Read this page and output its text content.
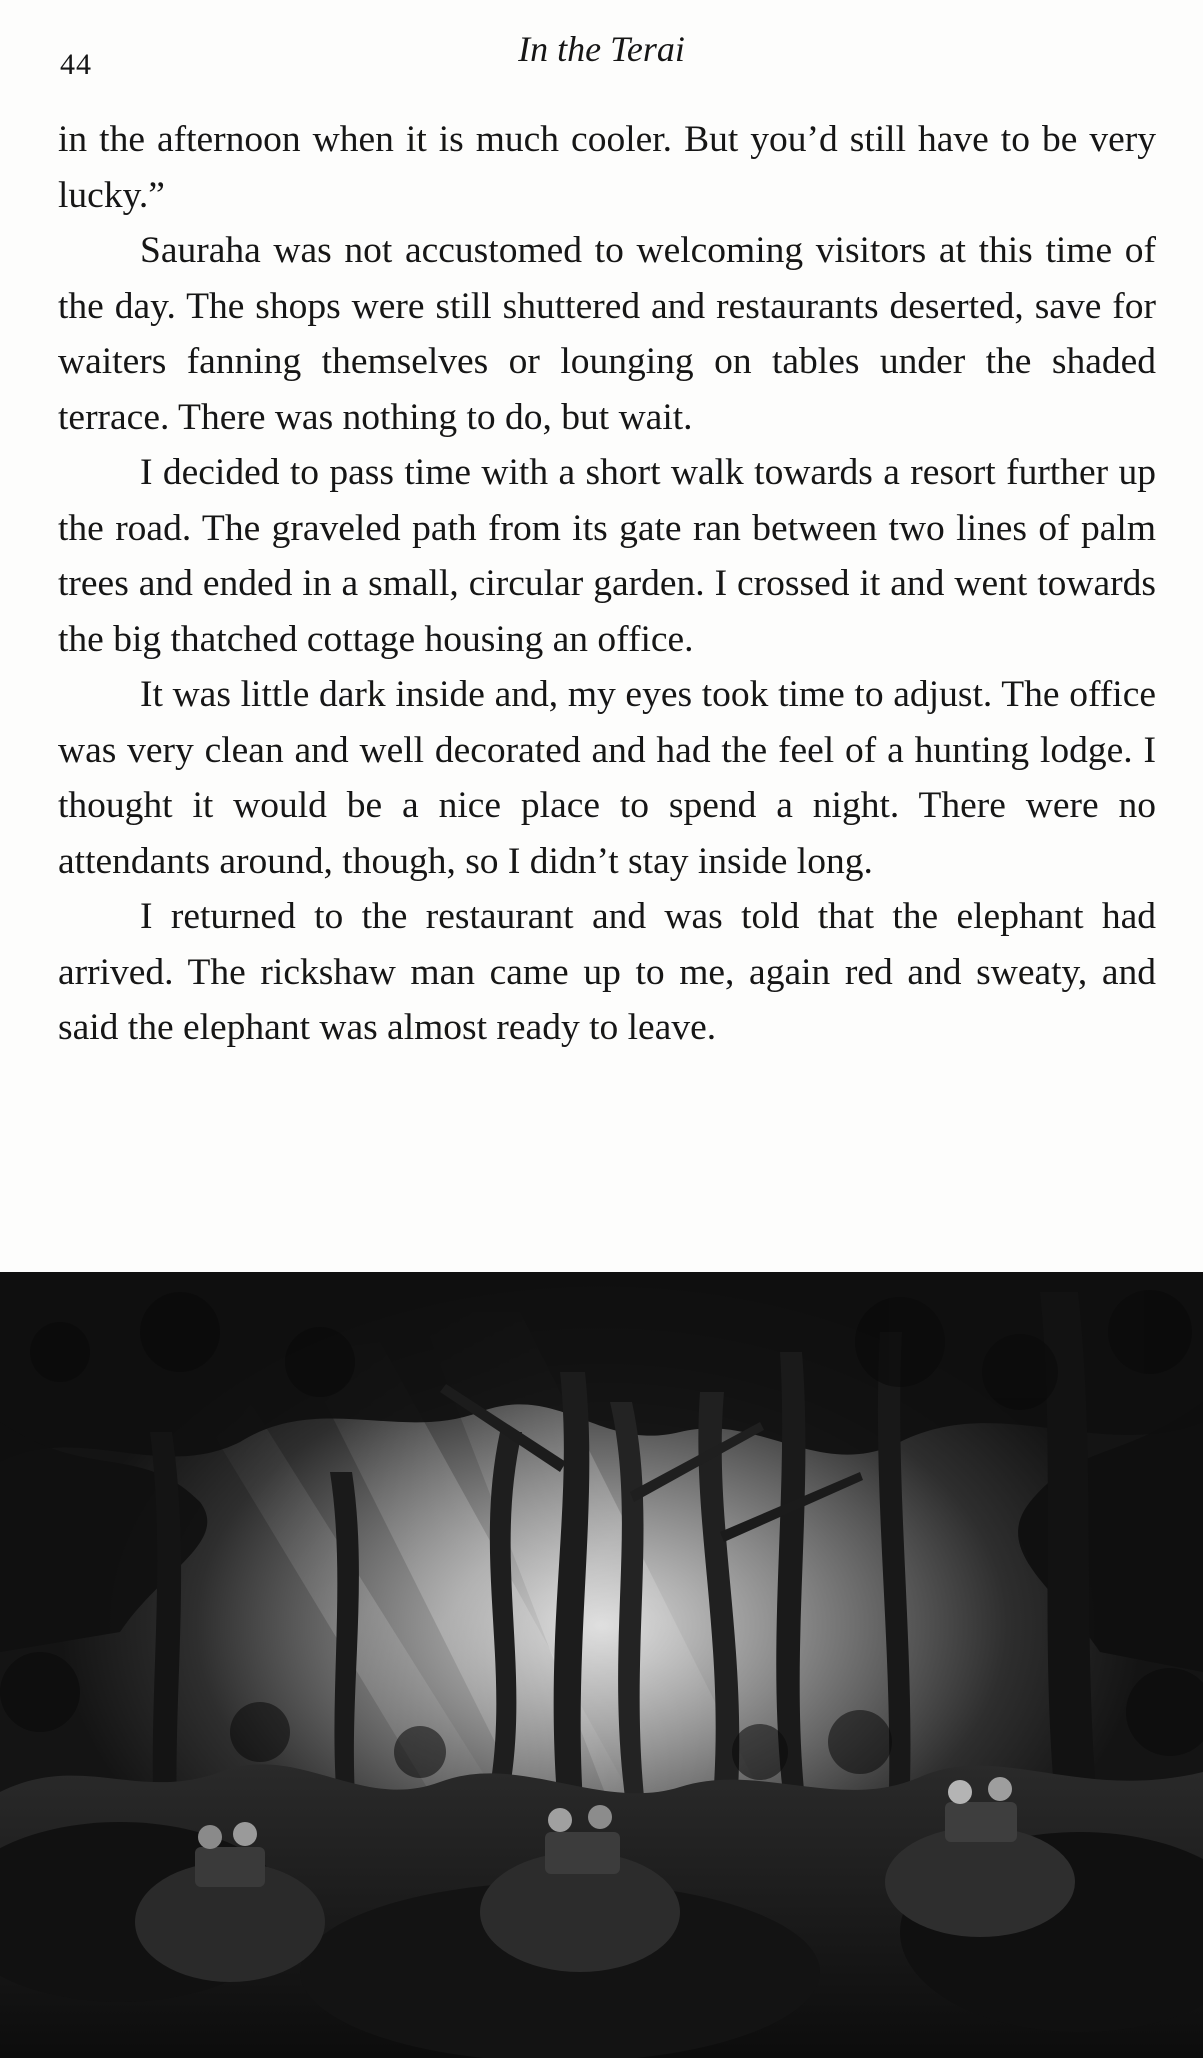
44	In the Terai

in the afternoon when it is much cooler. But you’d still have to be very lucky.”

Sauraha was not accustomed to welcoming visitors at this time of the day. The shops were still shuttered and restaurants deserted, save for waiters fanning themselves or lounging on tables under the shaded terrace. There was nothing to do, but wait.

I decided to pass time with a short walk towards a resort further up the road. The graveled path from its gate ran between two lines of palm trees and ended in a small, circular garden. I crossed it and went towards the big thatched cottage housing an office.

It was little dark inside and, my eyes took time to adjust. The office was very clean and well decorated and had the feel of a hunting lodge. I thought it would be a nice place to spend a night. There were no attendants around, though, so I didn’t stay inside long.

I returned to the restaurant and was told that the elephant had arrived. The rickshaw man came up to me, again red and sweaty, and said the elephant was almost ready to leave.
